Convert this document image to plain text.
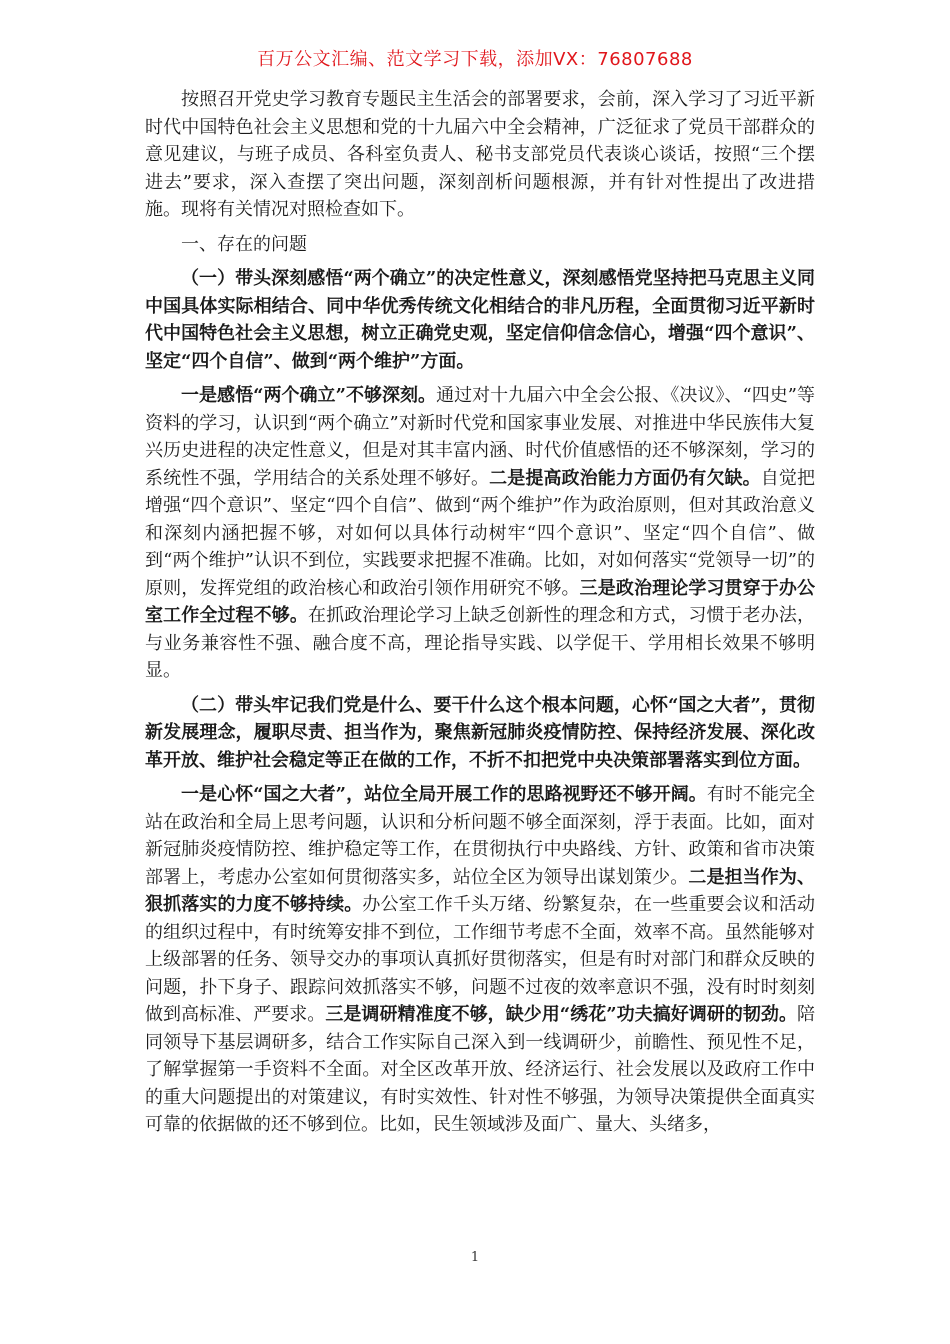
百万公文汇编、范文学习下载，添加VX：76807688

按照召开党史学习教育专题民主生活会的部署要求，会前，深入学习了习近平新时代中国特色社会主义思想和党的十九届六中全会精神，广泛征求了党员干部群众的意见建议，与班子成员、各科室负责人、秘书支部党员代表谈心谈话，按照“三个摆进去”要求，深入查摆了突出问题，深刻剖析问题根源，并有针对性提出了改进措施。现将有关情况对照检查如下。

一、存在的问题

（一）带头深刻感悟“两个确立”的决定性意义，深刻感悟党坚持把马克思主义同中国具体实际相结合、同中华优秀传统文化相结合的非凡历程，全面贯彻习近平新时代中国特色社会主义思想，树立正确党史观，坚定信仰信念信心，增强“四个意识”、坚定“四个自信”、做到“两个维护”方面。

一是感悟“两个确立”不够深刻。通过对十九届六中全会公报、《决议》、“四史”等资料的学习，认识到“两个确立”对新时代党和国家事业发展、对推进中华民族伟大复兴历史进程的决定性意义，但是对其丰富内涵、时代价值感悟的还不够深刻，学习的系统性不强，学用结合的关系处理不够好。二是提高政治能力方面仍有欠缺。自觉把增强“四个意识”、坚定“四个自信”、做到“两个维护”作为政治原则，但对其政治意义和深刻内涵把握不够，对如何以具体行动树牢“四个意识”、坚定“四个自信”、做到“两个维护”认识不到位，实践要求把握不准确。比如，对如何落实“党领导一切”的原则，发挥党组的政治核心和政治引领作用研究不够。三是政治理论学习贯穿于办公室工作全过程不够。在抓政治理论学习上缺乏创新性的理念和方式，习惯于老办法，与业务兼容性不强、融合度不高，理论指导实践、以学促干、学用相长效果不够明显。

（二）带头牢记我们党是什么、要干什么这个根本问题，心怀“国之大者”，贯彻新发展理念，履职尽责、担当作为，聚焦新冠肺炎疫情防控、保持经济发展、深化改革开放、维护社会稳定等正在做的工作，不折不扣把党中央决策部署落实到位方面。

一是心怀“国之大者”，站位全局开展工作的思路视野还不够开阔。有时不能完全站在政治和全局上思考问题，认识和分析问题不够全面深刻，浮于表面。比如，面对新冠肺炎疫情防控、维护稳定等工作，在贯彻执行中央路线、方针、政策和省市决策部署上，考虑办公室如何贯彻落实多，站位全区为领导出谋划策少。二是担当作为、狠抓落实的力度不够持续。办公室工作千头万绪、纷繁复杂，在一些重要会议和活动的组织过程中，有时统筹安排不到位，工作细节考虑不全面，效率不高。虽然能够对上级部署的任务、领导交办的事项认真抓好贯彻落实，但是有时对部门和群众反映的问题，扑下身子、跟踪问效抓落实不够，问题不过夜的效率意识不强，没有时时刻刻做到高标准、严要求。三是调研精准度不够，缺少用“绣花”功夫搞好调研的韧劲。陪同领导下基层调研多，结合工作实际自己深入到一线调研少，前瞻性、预见性不足，了解掌握第一手资料不全面。对全区改革开放、经济运行、社会发展以及政府工作中的重大问题提出的对策建议，有时实效性、针对性不够强，为领导决策提供全面真实可靠的依据做的还不够到位。比如，民生领域涉及面广、量大、头绪多，

1
